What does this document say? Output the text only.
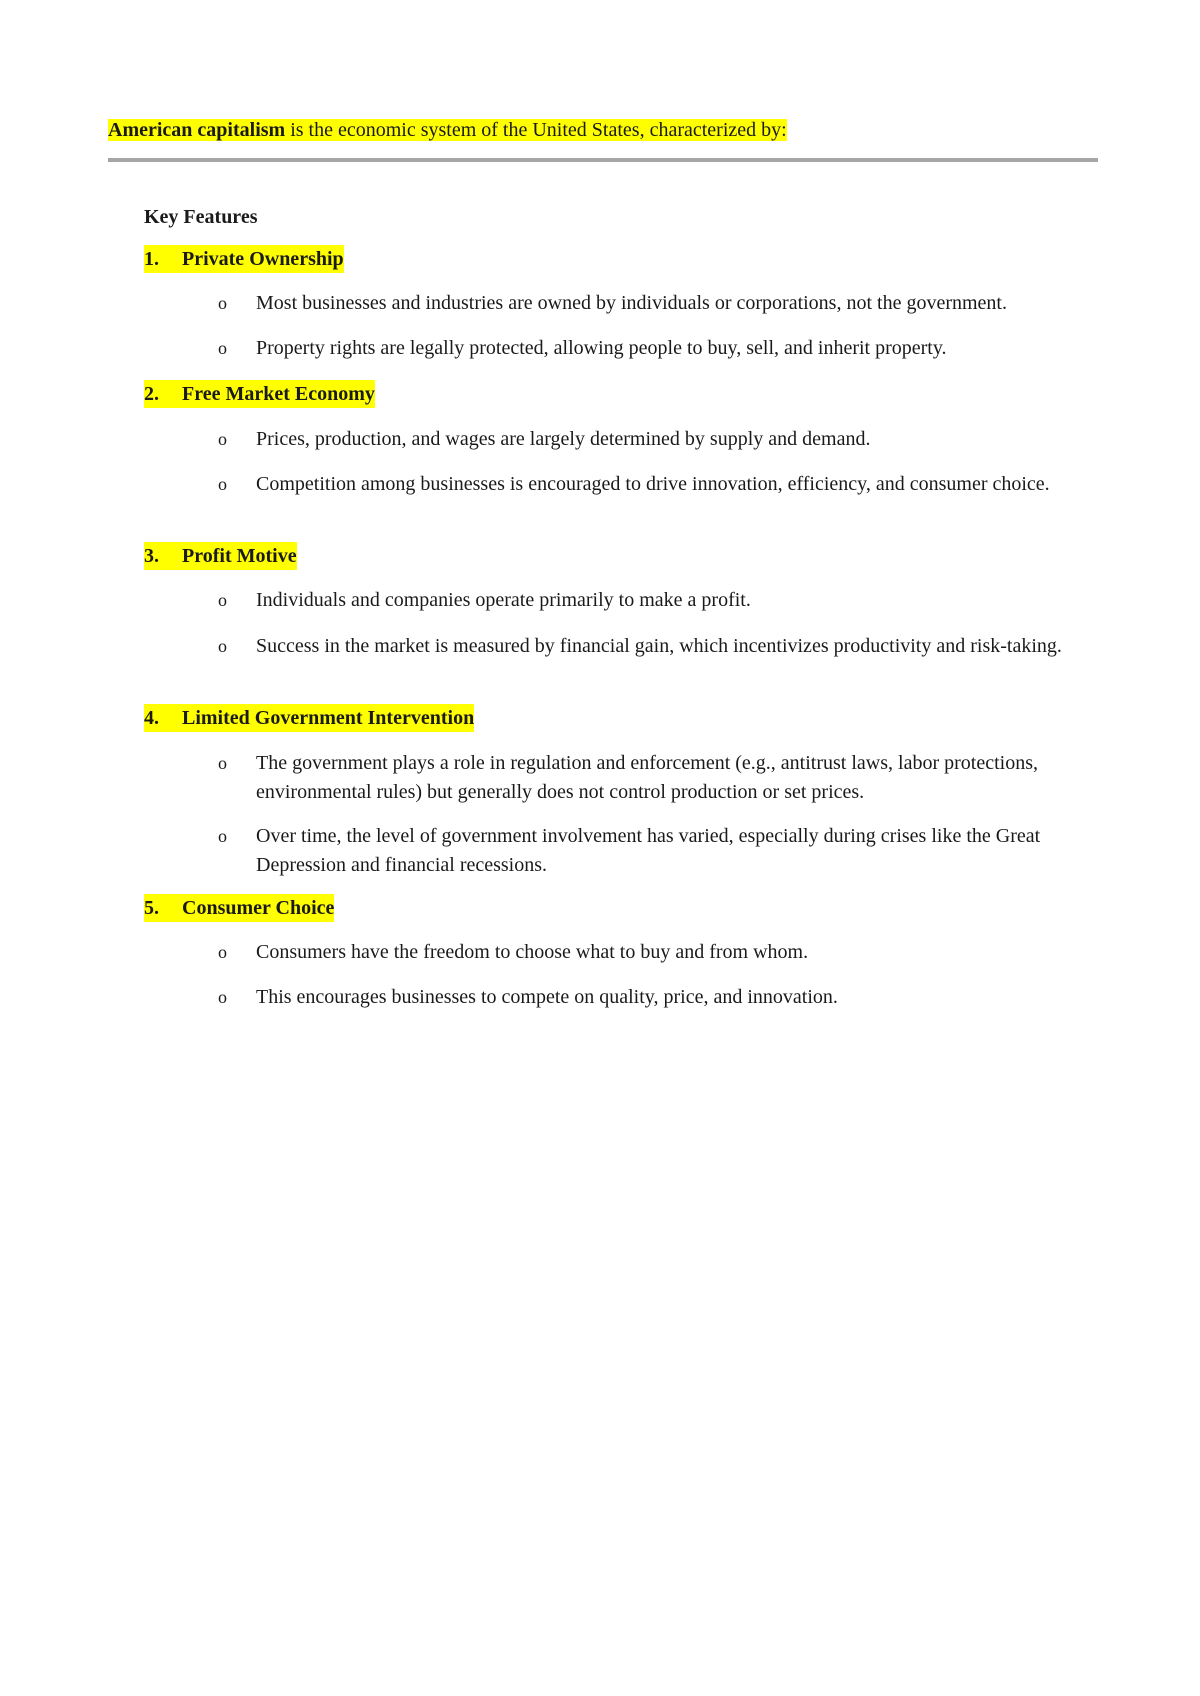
American capitalism is the economic system of the United States, characterized by:
Key Features
1. Private Ownership
o Most businesses and industries are owned by individuals or corporations, not the government.
o Property rights are legally protected, allowing people to buy, sell, and inherit property.
2. Free Market Economy
o Prices, production, and wages are largely determined by supply and demand.
o Competition among businesses is encouraged to drive innovation, efficiency, and consumer choice.
3. Profit Motive
o Individuals and companies operate primarily to make a profit.
o Success in the market is measured by financial gain, which incentivizes productivity and risk-taking.
4. Limited Government Intervention
o The government plays a role in regulation and enforcement (e.g., antitrust laws, labor protections, environmental rules) but generally does not control production or set prices.
o Over time, the level of government involvement has varied, especially during crises like the Great Depression and financial recessions.
5. Consumer Choice
o Consumers have the freedom to choose what to buy and from whom.
o This encourages businesses to compete on quality, price, and innovation.
